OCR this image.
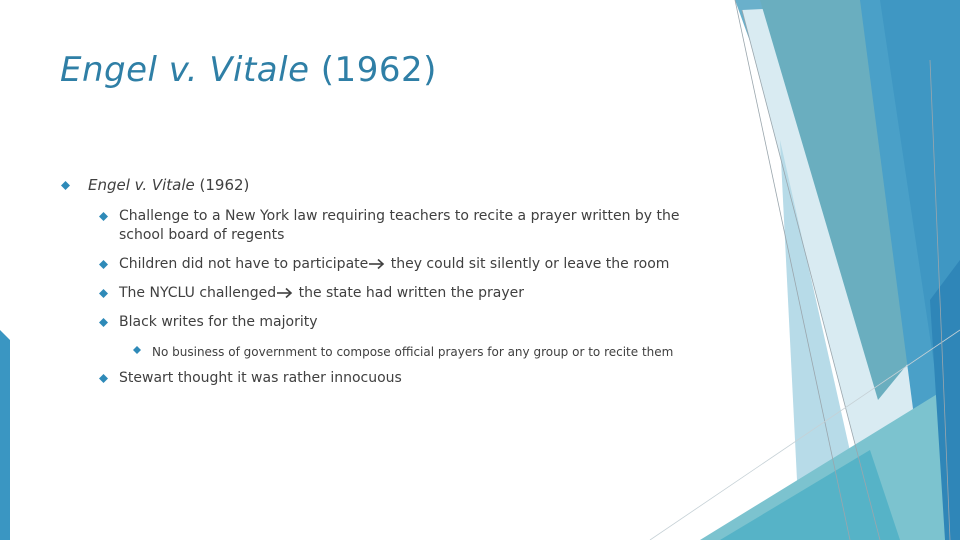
Engel v. Vitale (1962)
Engel v. Vitale (1962)
Challenge to a New York law requiring teachers to recite a prayer written by the school board of regents
Children did not have to participate they could sit silently or leave the room
The NYCLU challenged the state had written the prayer
Black writes for the majority
No business of government to compose official prayers for any group or to recite them
Stewart thought it was rather innocuous
